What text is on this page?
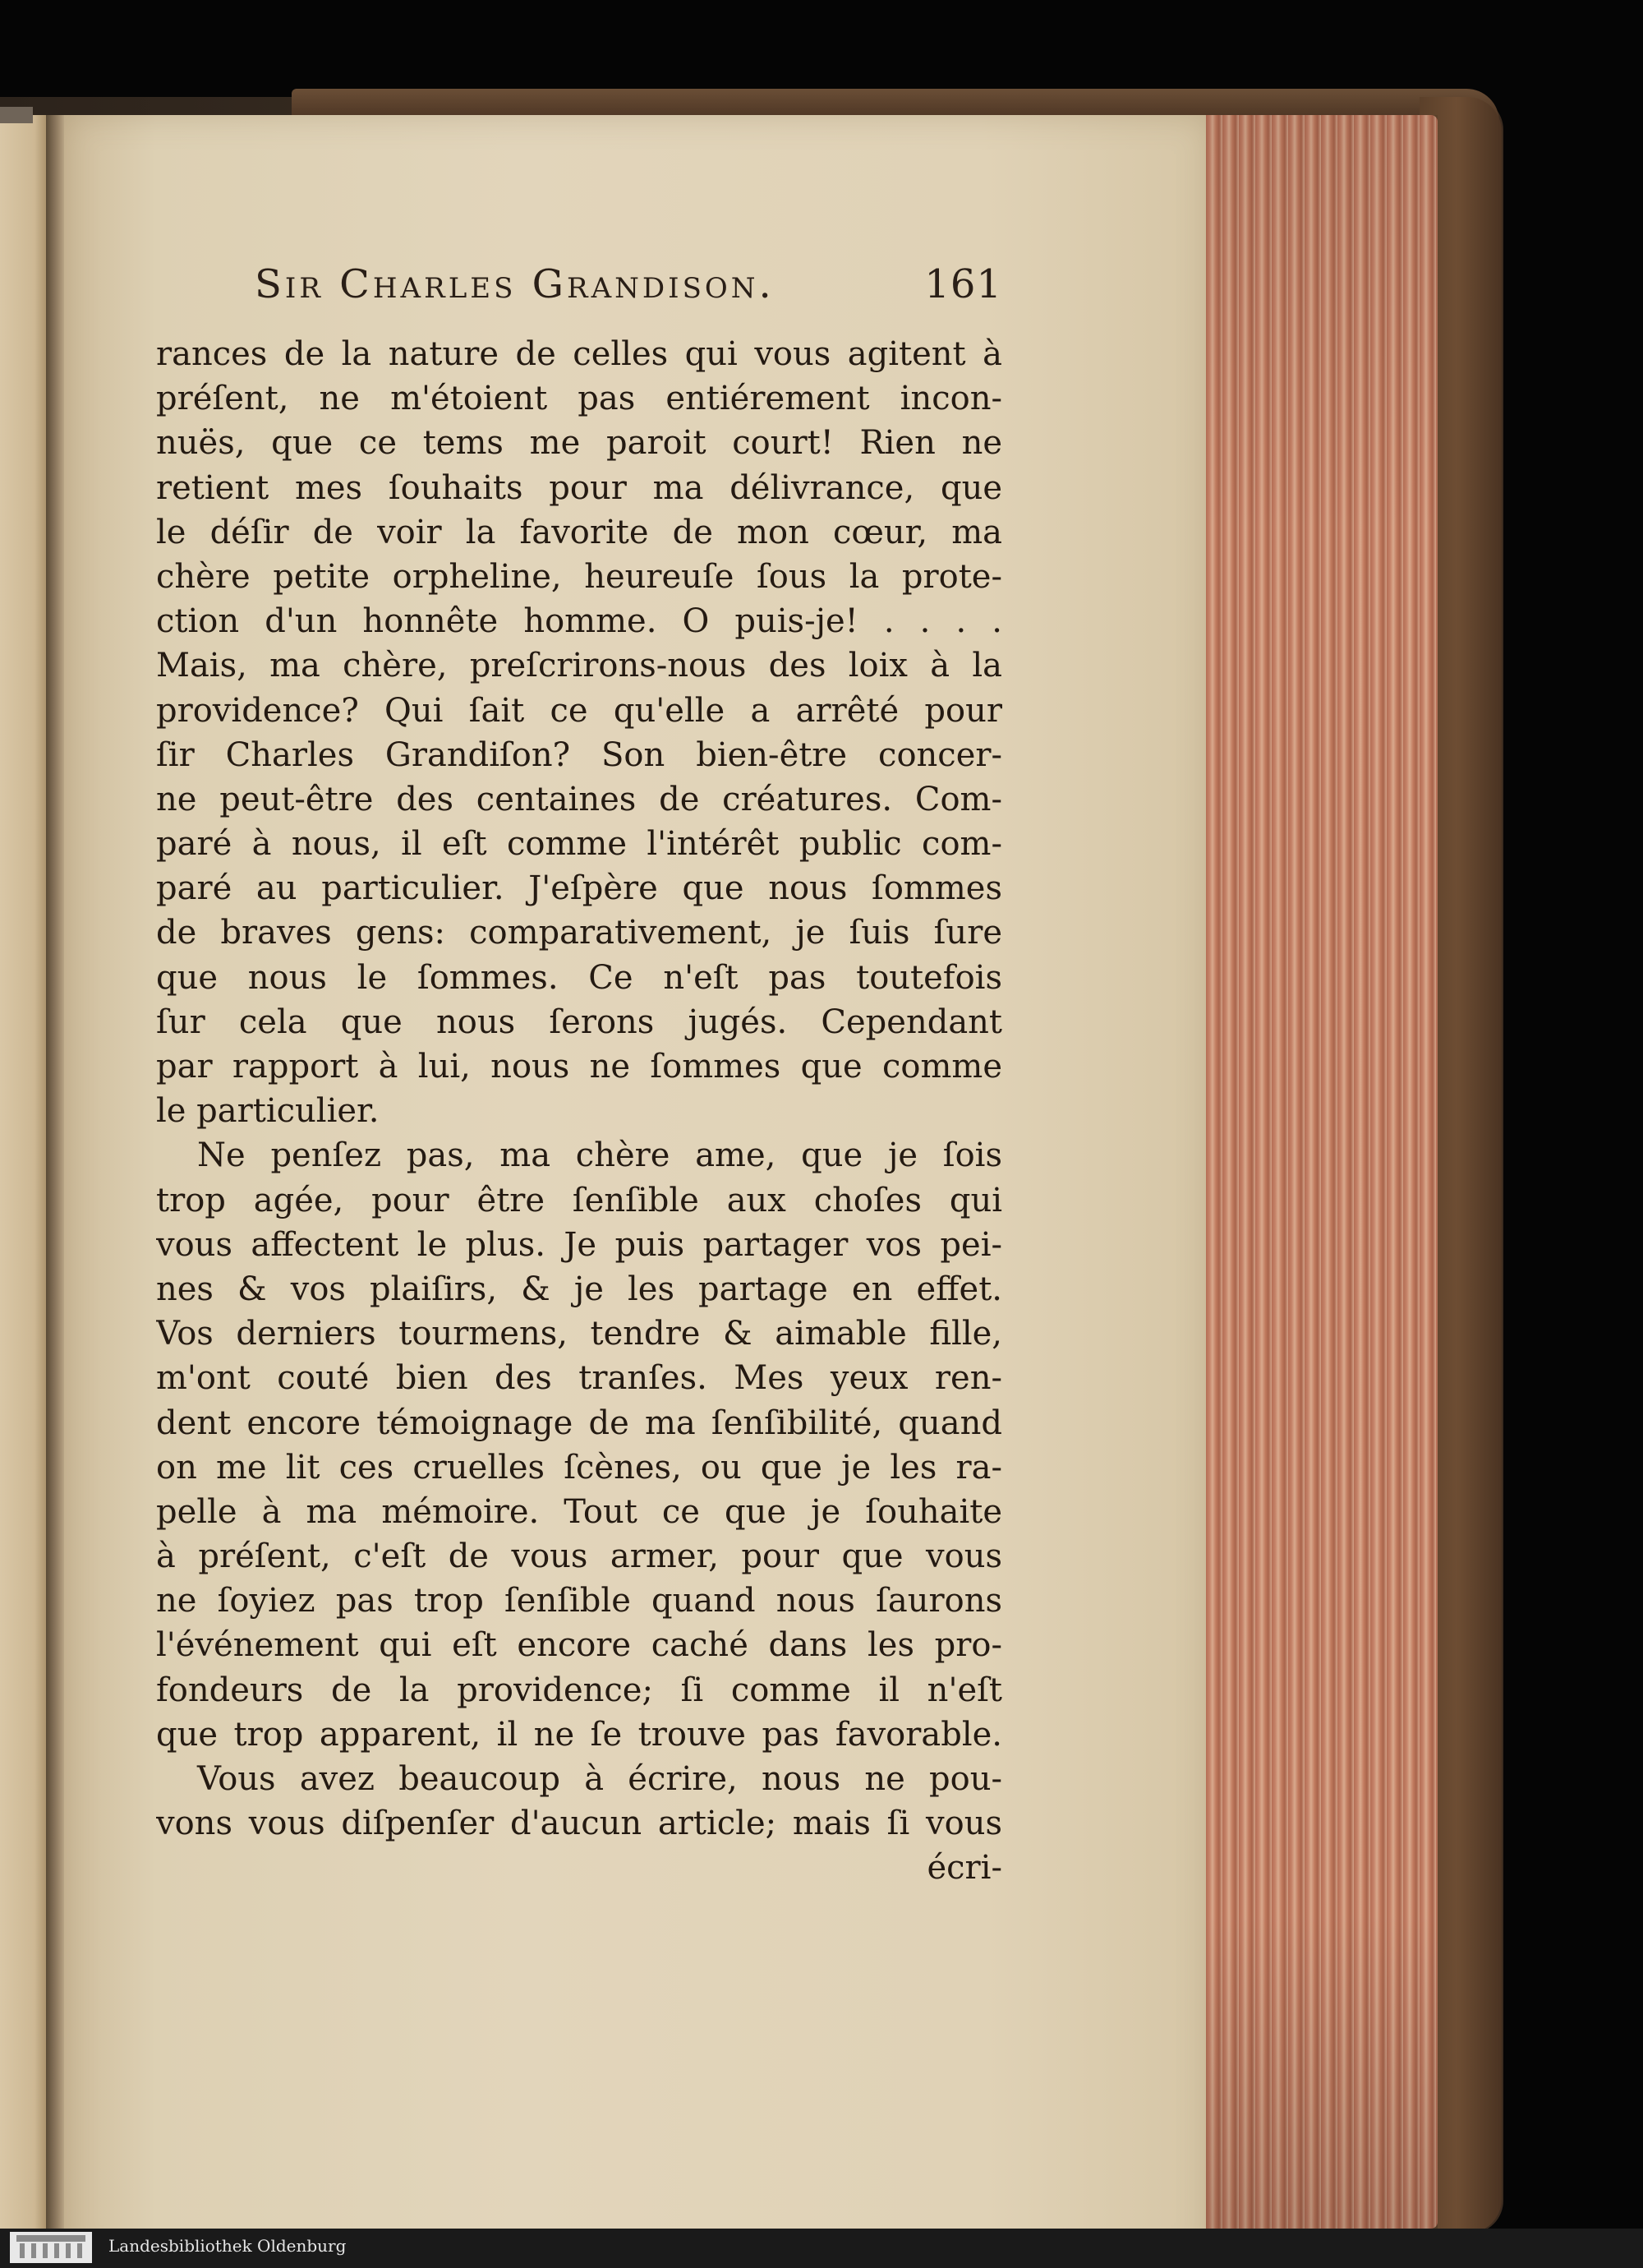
Sir Charles Grandison.	161
rances de la nature de celles qui vous agitent à
préſent, ne m'étoient pas entiérement incon-
nuës, que ce tems me paroit court! Rien ne
retient mes ſouhaits pour ma délivrance, que
le déſir de voir la favorite de mon cœur, ma
chère petite orpheline, heureuſe ſous la prote-
ction d'un honnête homme. O puis-je! . . . .
Mais, ma chère, preſcrirons-nous des loix à la
providence? Qui ſait ce qu'elle a arrêté pour
ſir Charles Grandiſon? Son bien-être concer-
ne peut-être des centaines de créatures. Com-
paré à nous, il eſt comme l'intérêt public com-
paré au particulier. J'eſpère que nous ſommes
de braves gens: comparativement, je ſuis ſure
que nous le ſommes. Ce n'eſt pas toutefois
ſur cela que nous ſerons jugés. Cependant
par rapport à lui, nous ne ſommes que comme
le particulier.
Ne penſez pas, ma chère ame, que je ſois
trop agée, pour être ſenſible aux choſes qui
vous affectent le plus. Je puis partager vos pei-
nes & vos plaiſirs, & je les partage en effet.
Vos derniers tourmens, tendre & aimable fille,
m'ont couté bien des tranſes. Mes yeux ren-
dent encore témoignage de ma ſenſibilité, quand
on me lit ces cruelles ſcènes, ou que je les ra-
pelle à ma mémoire. Tout ce que je ſouhaite
à préſent, c'eſt de vous armer, pour que vous
ne ſoyiez pas trop ſenſible quand nous ſaurons
l'événement qui eſt encore caché dans les pro-
fondeurs de la providence; ſi comme il n'eſt
que trop apparent, il ne ſe trouve pas favorable.
Vous avez beaucoup à écrire, nous ne pou-
vons vous diſpenſer d'aucun article; mais ſi vous
écri-
Landesbibliothek Oldenburg
